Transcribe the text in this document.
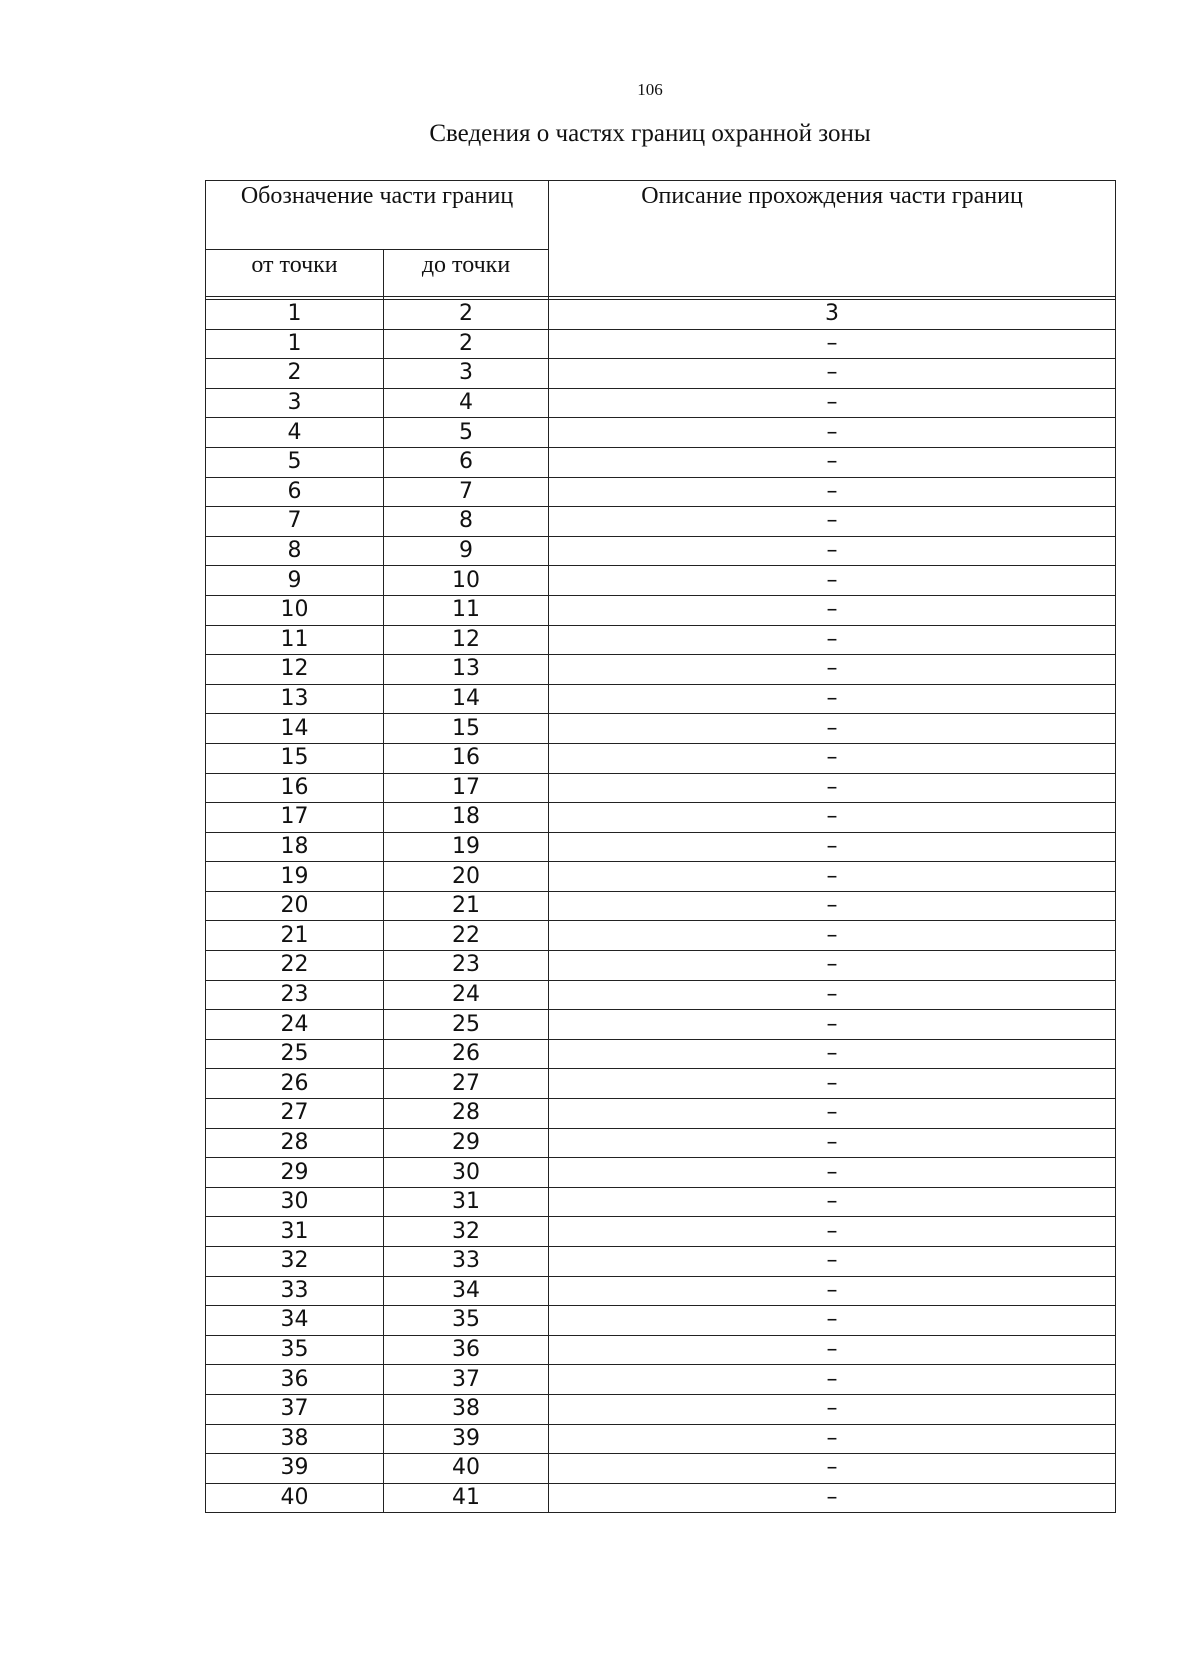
106
Сведения о частях границ охранной зоны
Обозначение части границ		Описание прохождения части границ
от точки	до точки	

1	2	3
1	2	–
2	3	–
3	4	–
4	5	–
5	6	–
6	7	–
7	8	–
8	9	–
9	10	–
10	11	–
11	12	–
12	13	–
13	14	–
14	15	–
15	16	–
16	17	–
17	18	–
18	19	–
19	20	–
20	21	–
21	22	–
22	23	–
23	24	–
24	25	–
25	26	–
26	27	–
27	28	–
28	29	–
29	30	–
30	31	–
31	32	–
32	33	–
33	34	–
34	35	–
35	36	–
36	37	–
37	38	–
38	39	–
39	40	–
40	41	–
